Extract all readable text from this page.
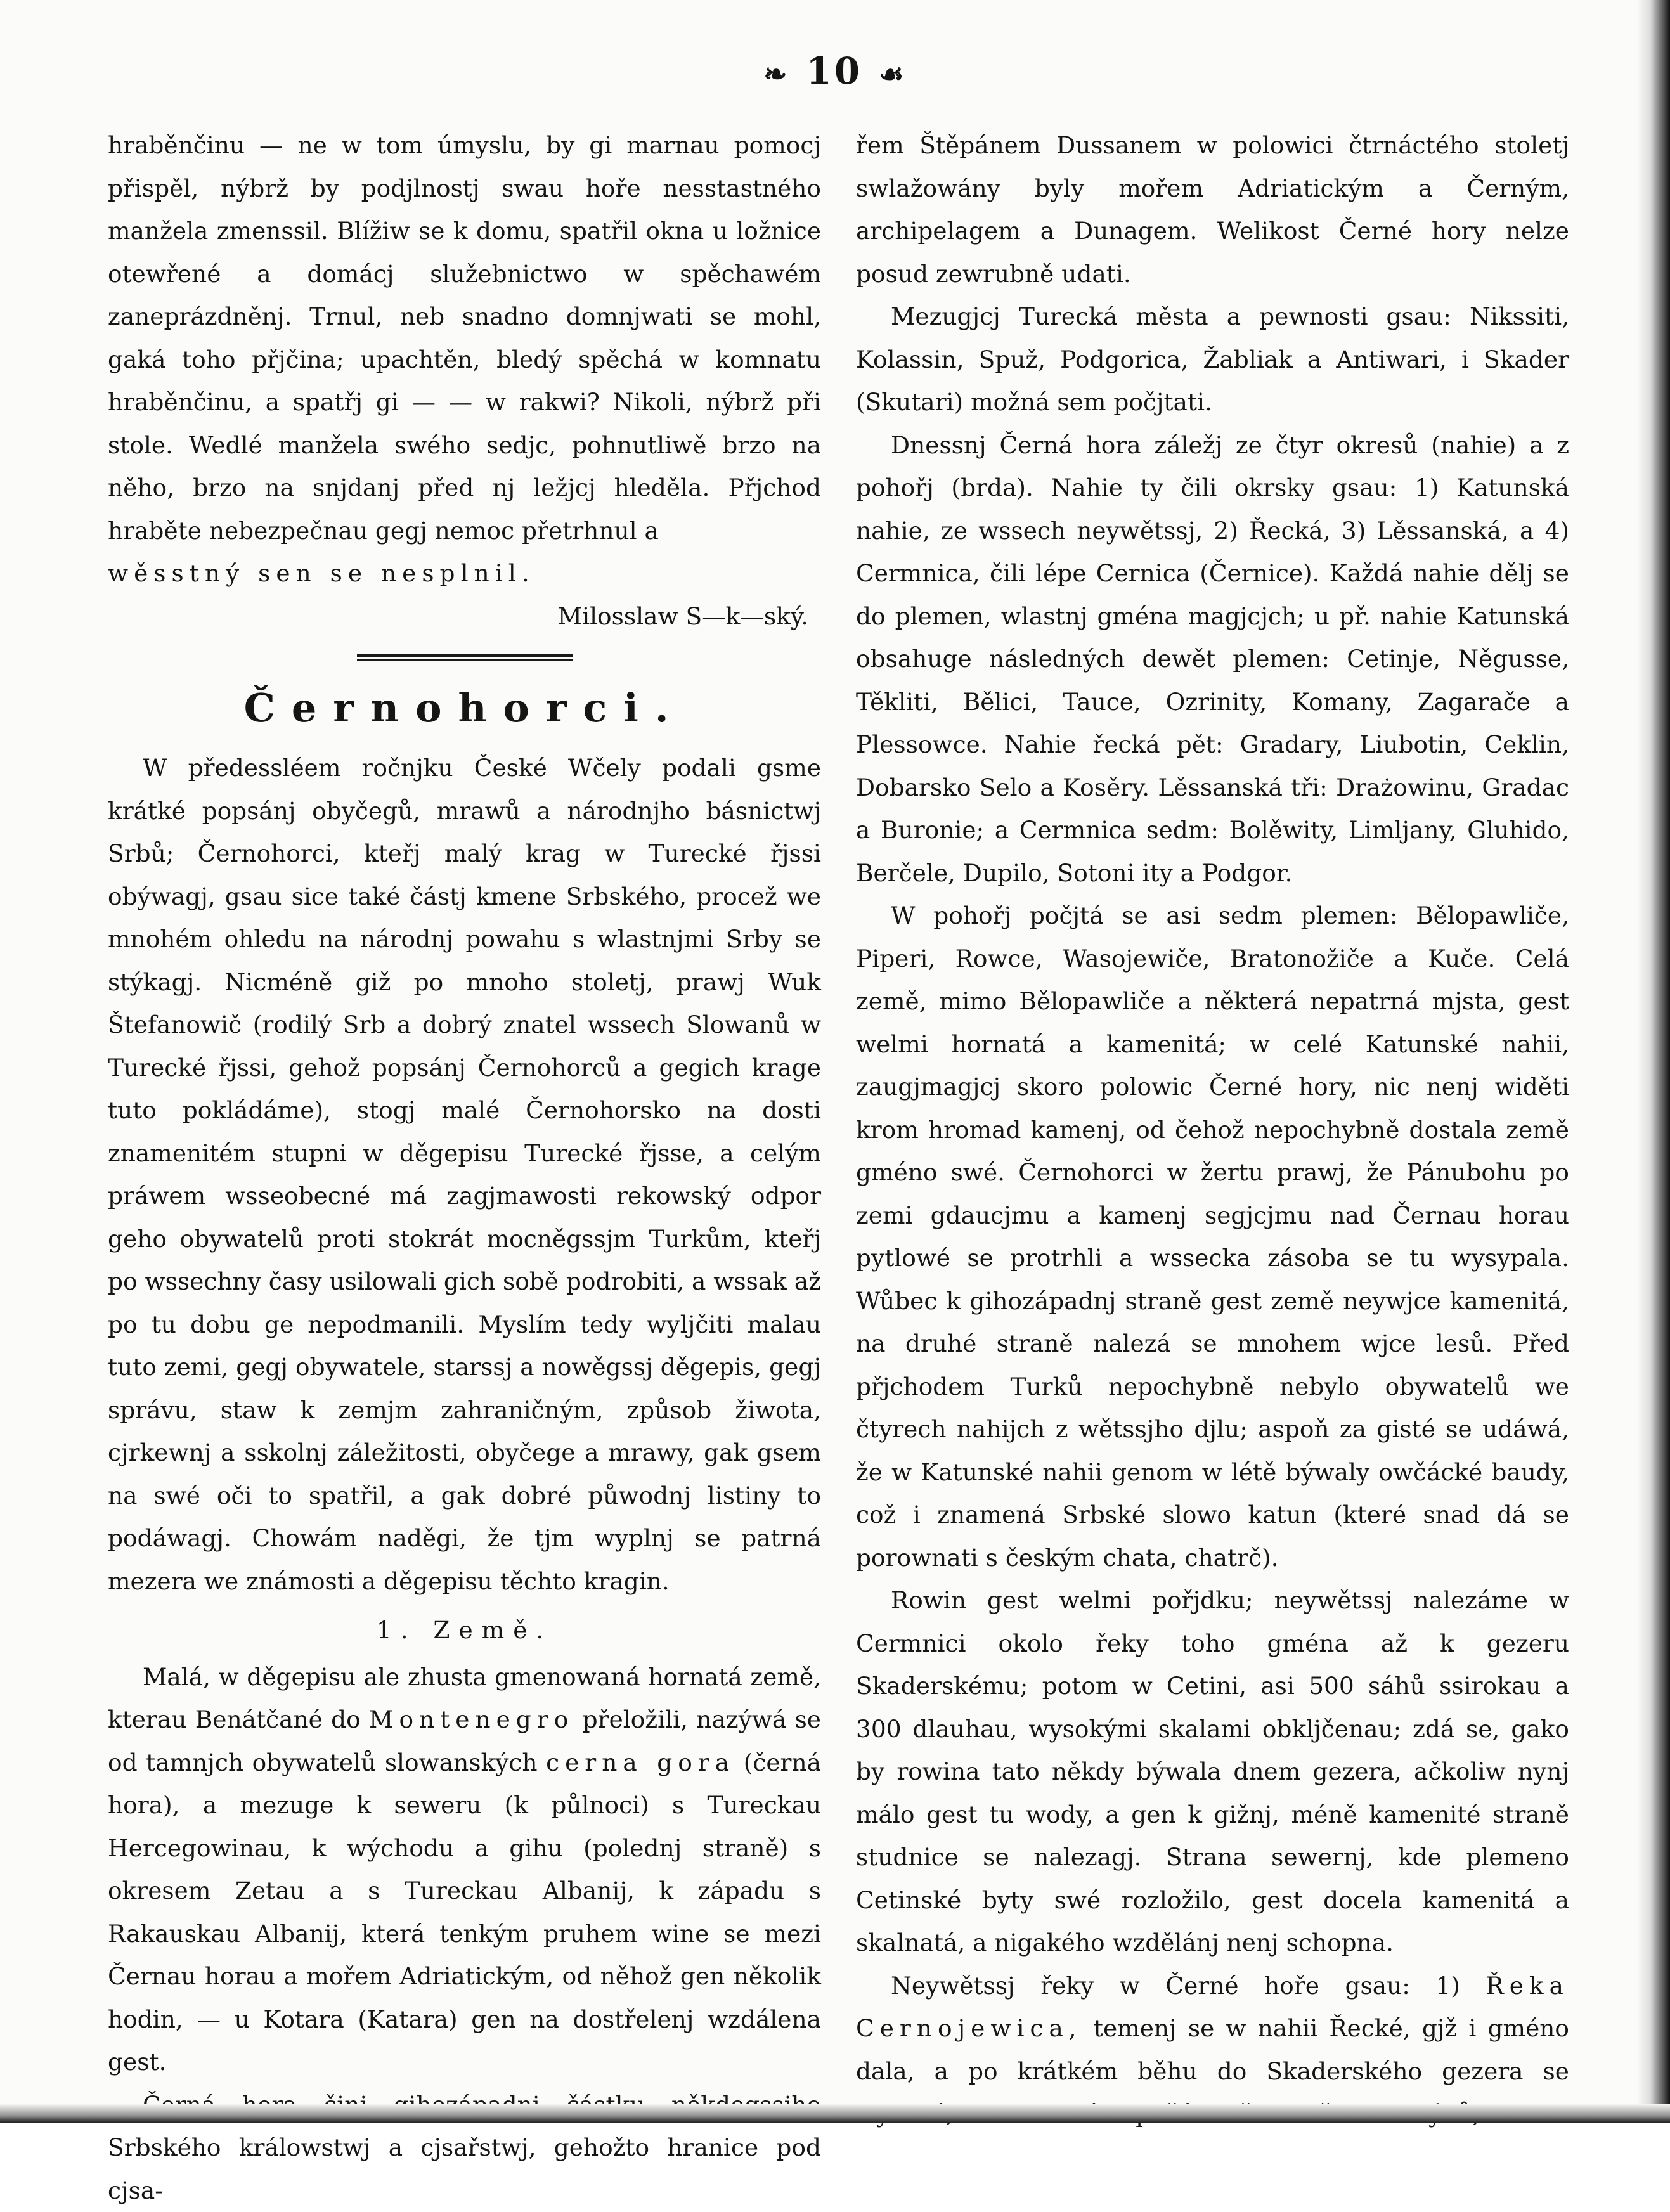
❧ 10 ☙

hraběnčinu — ne w tom úmyslu, by gi marnau pomocj přispěl, nýbrž by podjlnostj swau hoře nesstastného manžela zmenssil. Blížiw se k domu, spatřil okna u ložnice otewřené a domácj služebnictwo w spěchawém zaneprázdněnj. Trnul, neb snadno domnjwati se mohl, gaká toho přjčina; upachtěn, bledý spěchá w komnatu hraběnčinu, a spatřj gi — — w rakwi? Nikoli, nýbrž při stole. Wedlé manžela swého sedjc, pohnutliwě brzo na něho, brzo na snjdanj před nj ležjcj hleděla. Přjchod hraběte nebezpečnau gegj nemoc přetrhnul a

wěsstný sen se nesplnil.

Milosslaw S—k—ský.

Černohorci.

W předessléem ročnjku České Wčely podali gsme krátké popsánj obyčegů, mrawů a národnjho básnictwj Srbů; Černohorci, kteřj malý krag w Turecké řjssi obýwagj, gsau sice také částj kmene Srbského, procež we mnohém ohledu na národnj powahu s wlastnjmi Srby se stýkagj. Nicméně giž po mnoho stoletj, prawj Wuk Štefanowič (rodilý Srb a dobrý znatel wssech Slowanů w Turecké řjssi, gehož popsánj Černohorců a gegich krage tuto pokládáme), stogj malé Černohorsko na dosti znamenitém stupni w děgepisu Turecké řjsse, a celým práwem wsseobecné má zagjmawosti rekowský odpor geho obywatelů proti stokrát mocněgssjm Turkům, kteřj po wssechny časy usilowali gich sobě podrobiti, a wssak až po tu dobu ge nepodmanili. Myslím tedy wyljčiti malau tuto zemi, gegj obywatele, starssj a nowěgssj děgepis, gegj správu, staw k zemjm zahraničným, způsob žiwota, cjrkewnj a sskolnj záležitosti, obyčege a mrawy, gak gsem na swé oči to spatřil, a gak dobré půwodnj listiny to podáwagj. Chowám naděgi, že tjm wyplnj se patrná mezera we známosti a děgepisu těchto kragin.

1. Země.

Malá, w děgepisu ale zhusta gmenowaná hornatá země, kterau Benátčané do Montenegro přeložili, nazýwá se od tamnjch obywatelů slowanských cerna gora (černá hora), a mezuge k sewеru (k půlnoci) s Tureckau Hercegowinau, k wýchodu a gihu (polednj straně) s okresem Zetau a s Tureckau Albanij, k západu s Rakauskau Albanij, která tenkým pruhem wine se mezi Černau horau a mořem Adriatickým, od něhož gen několik hodin, — u Kotara (Katara) gen na dostřelenj wzdálena gest.

Srbského králowstwj a cjsařstwj, gehožto hranice pod cjsa-

řem Štěpánem Dussanem w polowici čtrnáctého stoletj swlažowány byly mořem Adriatickým a Černým, archipelagem a Dunagem. Welikost Černé hory nelze posud zewrubně udati.

Mezugjcj Turecká města a pewnosti gsau: Nikssiti, Kolassin, Spuž, Podgorica, Žabliak a Antiwari, i Skader (Skutari) možná sem počjtati.

Dnessnj Černá hora záležj ze čtyr okresů (nahie) a z pohořj (brda). Nahie ty čili okrsky gsau: 1) Katunská nahie, ze wssech neywětssj, 2) Řecká, 3) Lěssanská, a 4) Cermnica, čili lépe Cernica (Černice). Každá nahie dělj se do plemen, wlastnj gména magjcjch; u př. nahie Katunská obsahuge následných dewět plemen: Cetinje, Něgusse, Těkliti, Bělici, Tauce, Ozrinity, Komany, Zagarače a Plessowce. Nahie řecká pět: Gradary, Liubotin, Ceklin, Dobarsko Selo a Kosěry. Lěssanská tři: Drażowinu, Gradac a Buronie; a Cermnica sedm: Bolěwity, Limljany, Gluhido, Berčele, Dupilo, Sotoni ity a Podgor.

W pohořj počjtá se asi sedm plemen: Bělopawliče, Piperi, Rowce, Wasojewiče, Bratonožiče a Kuče. Celá země, mimo Bělopawliče a některá nepatrná mjsta, gest welmi hornatá a kamenitá; w celé Katunské nahii, zaugjmagjcj skoro polowic Černé hory, nic nenj widěti krom hromad kamenj, od čehož nepochybně dostala země gméno swé. Černohorci w žertu prawj, že Pánubohu po zemi gdaucjmu a kamenj segjcjmu nad Černau horau pytlowé se protrhli a wsseckа zásoba se tu wysypala. Wůbec k gihozápadnj straně gest země neywjce kamenitá, na druhé straně nalezá se mnohem wjce lesů. Před přjchodem Turků nepochybně nebylo obywatelů we čtyrech nahijch z wětssjho djlu; aspoň za gisté se udáwá, že w Katunské nahii genom w létě býwaly owčácké baudy, což i znamená Srbské slowo katun (které snad dá se porownati s českým chata, chatrč).

Rowin gest welmi pořjdku; neywětssj nalezáme w Cermnici okolo řeky toho gména až k gezeru Skaderskému; potom w Cetini, asi 500 sáhů ssirokau a 300 dlauhau, wysokými skalami obkljčenau; zdá se, gako by rowina tato někdy býwala dnem gezera, ačkoliw nynj málo gest tu wody, a gen k gižnj, méně kamenité straně studnice se nalezagj. Strana sewernj, kde plemeno Cetinské byty swé rozložilo, gest docela kamenitá a skalnatá, a nigakého wzdělánj nenj schopna.

Neywětssj řeky w Černé hoře gsau: 1) Řeka Cernojewica, temenj se w nahii Řecké, gjž i gméno dala, a po krátkém běhu do Skaderského gezera se
